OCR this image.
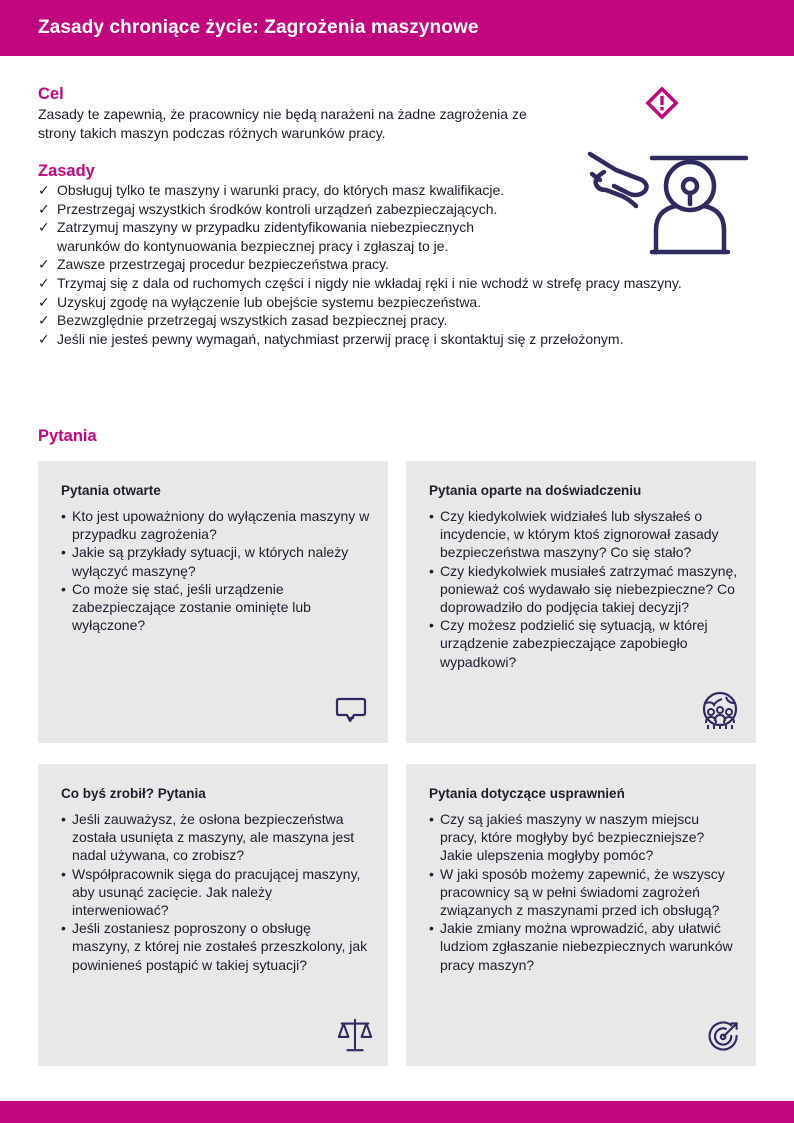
Zasady chroniące życie: Zagrożenia maszynowe
Cel
Zasady te zapewnią, że pracownicy nie będą narażeni na żadne zagrożenia ze strony takich maszyn podczas różnych warunków pracy.
Zasady
✓ Obsługuj tylko te maszyny i warunki pracy, do których masz kwalifikacje.
✓ Przestrzegaj wszystkich środków kontroli urządzeń zabezpieczających.
✓ Zatrzymuj maszyny w przypadku zidentyfikowania niebezpiecznych warunków do kontynuowania bezpiecznej pracy i zgłaszaj to je.
✓ Zawsze przestrzegaj procedur bezpieczeństwa pracy.
✓ Trzymaj się z dala od ruchomych części i nigdy nie wkładaj ręki i nie wchodź w strefę pracy maszyny.
✓ Uzyskuj zgodę na wyłączenie lub obejście systemu bezpieczeństwa.
✓ Bezwzględnie przetrzegaj wszystkich zasad bezpiecznej pracy.
✓ Jeśli nie jesteś pewny wymagań, natychmiast przerwij pracę i skontaktuj się z przełożonym.
Pytania
Pytania otwarte
• Kto jest upoważniony do wyłączenia maszyny w przypadku zagrożenia?
• Jakie są przykłady sytuacji, w których należy wyłączyć maszynę?
• Co może się stać, jeśli urządzenie zabezpieczające zostanie ominięte lub wyłączone?
Pytania oparte na doświadczeniu
• Czy kiedykolwiek widziałeś lub słyszałeś o incydencie, w którym ktoś zignorował zasady bezpieczeństwa maszyny? Co się stało?
• Czy kiedykolwiek musiałeś zatrzymać maszynę, ponieważ coś wydawało się niebezpieczne? Co doprowadziło do podjęcia takiej decyzji?
• Czy możesz podzielić się sytuacją, w której urządzenie zabezpieczające zapobiegło wypadkowi?
Co byś zrobił? Pytania
• Jeśli zauważysz, że osłona bezpieczeństwa została usunięta z maszyny, ale maszyna jest nadal używana, co zrobisz?
• Współpracownik sięga do pracującej maszyny, aby usunąć zacięcie. Jak należy interweniować?
• Jeśli zostaniesz poproszony o obsługę maszyny, z której nie zostałeś przeszkolony, jak powinieneś postąpić w takiej sytuacji?
Pytania dotyczące usprawnień
• Czy są jakieś maszyny w naszym miejscu pracy, które mogłyby być bezpieczniejsze? Jakie ulepszenia mogłyby pomóc?
• W jaki sposób możemy zapewnić, że wszyscy pracownicy są w pełni świadomi zagrożeń związanych z maszynami przed ich obsługą?
• Jakie zmiany można wprowadzić, aby ułatwić ludziom zgłaszanie niebezpiecznych warunków pracy maszyn?
